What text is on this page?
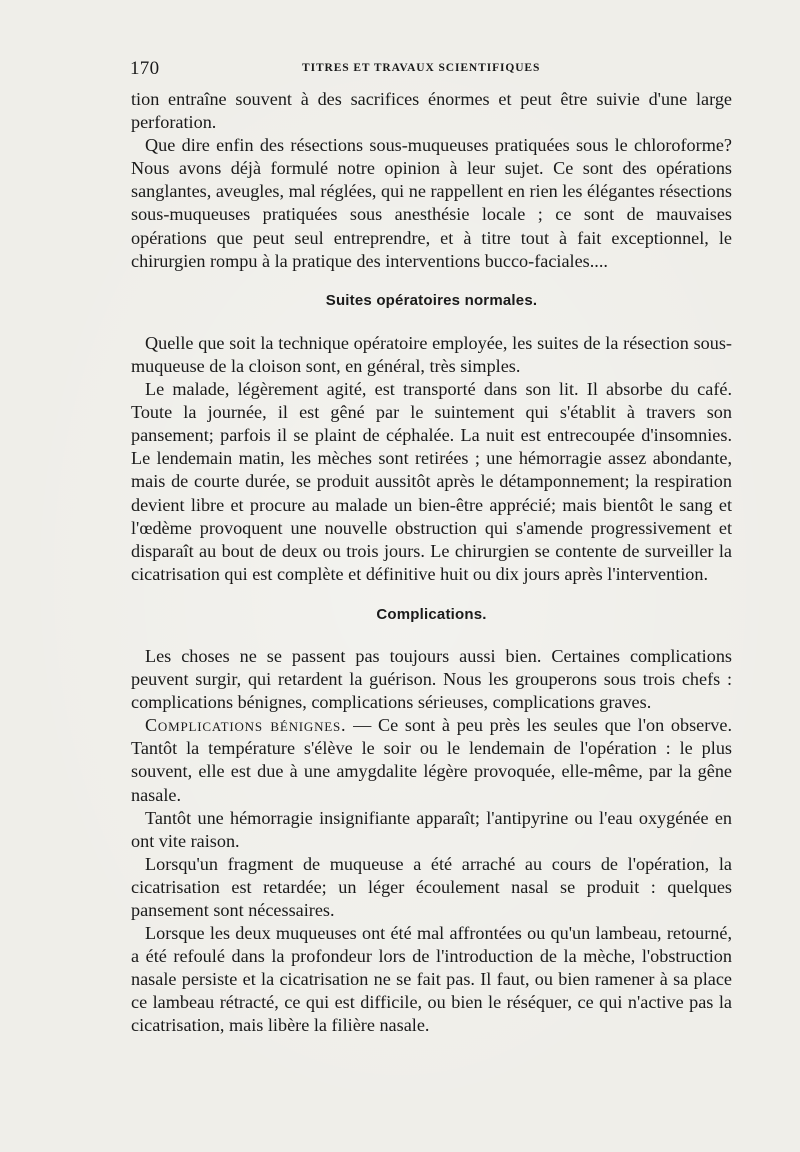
170	TITRES ET TRAVAUX SCIENTIFIQUES

tion entraîne souvent à des sacrifices énormes et peut être suivie d'une large perforation.

Que dire enfin des résections sous-muqueuses pratiquées sous le chloroforme? Nous avons déjà formulé notre opinion à leur sujet. Ce sont des opérations sanglantes, aveugles, mal réglées, qui ne rappellent en rien les élégantes résections sous-muqueuses pratiquées sous anesthésie locale ; ce sont de mauvaises opérations que peut seul entreprendre, et à titre tout à fait exceptionnel, le chirurgien rompu à la pratique des interventions bucco-faciales....

Suites opératoires normales.

Quelle que soit la technique opératoire employée, les suites de la résection sous-muqueuse de la cloison sont, en général, très simples.

Le malade, légèrement agité, est transporté dans son lit. Il absorbe du café. Toute la journée, il est gêné par le suintement qui s'établit à travers son pansement; parfois il se plaint de céphalée. La nuit est entrecoupée d'insomnies. Le lendemain matin, les mèches sont retirées ; une hémorragie assez abondante, mais de courte durée, se produit aussitôt après le détamponnement; la respiration devient libre et procure au malade un bien-être apprécié; mais bientôt le sang et l'œdème provoquent une nouvelle obstruction qui s'amende progressivement et disparaît au bout de deux ou trois jours. Le chirurgien se contente de surveiller la cicatrisation qui est complète et définitive huit ou dix jours après l'intervention.

Complications.

Les choses ne se passent pas toujours aussi bien. Certaines complications peuvent surgir, qui retardent la guérison. Nous les grouperons sous trois chefs : complications bénignes, complications sérieuses, complications graves.

Complications bénignes. — Ce sont à peu près les seules que l'on observe. Tantôt la température s'élève le soir ou le lendemain de l'opération : le plus souvent, elle est due à une amygdalite légère provoquée, elle-même, par la gêne nasale.

Tantôt une hémorragie insignifiante apparaît; l'antipyrine ou l'eau oxygénée en ont vite raison.

Lorsqu'un fragment de muqueuse a été arraché au cours de l'opération, la cicatrisation est retardée; un léger écoulement nasal se produit : quelques pansement sont nécessaires.

Lorsque les deux muqueuses ont été mal affrontées ou qu'un lambeau, retourné, a été refoulé dans la profondeur lors de l'introduction de la mèche, l'obstruction nasale persiste et la cicatrisation ne se fait pas. Il faut, ou bien ramener à sa place ce lambeau rétracté, ce qui est difficile, ou bien le réséquer, ce qui n'active pas la cicatrisation, mais libère la filière nasale.
